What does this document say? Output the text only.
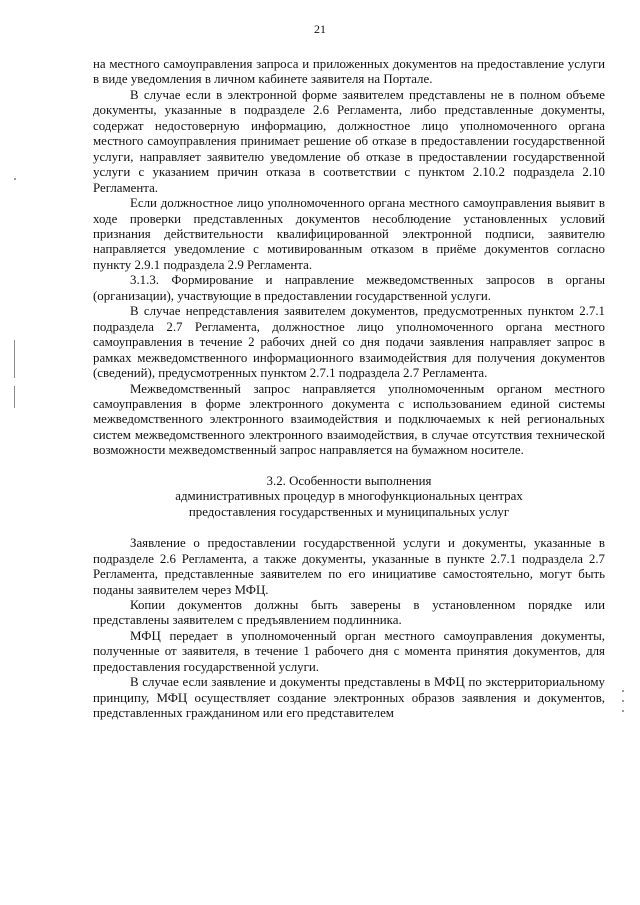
21

на местного самоуправления запроса и приложенных документов на предоставление услуги в виде уведомления в личном кабинете заявителя на Портале.

В случае если в электронной форме заявителем представлены не в полном объеме документы, указанные в подразделе 2.6 Регламента, либо представленные документы, содержат недостоверную информацию, должностное лицо уполномоченного органа местного самоуправления принимает решение об отказе в предоставлении государственной услуги, направляет заявителю уведомление об отказе в предоставлении государственной услуги с указанием причин отказа в соответствии с пунктом 2.10.2 подраздела 2.10 Регламента.

Если должностное лицо уполномоченного органа местного самоуправления выявит в ходе проверки представленных документов несоблюдение установленных условий признания действительности квалифицированной электронной подписи, заявителю направляется уведомление с мотивированным отказом в приёме документов согласно пункту 2.9.1 подраздела 2.9 Регламента.

3.1.3. Формирование и направление межведомственных запросов в органы (организации), участвующие в предоставлении государственной услуги.

В случае непредставления заявителем документов, предусмотренных пунктом 2.7.1 подраздела 2.7 Регламента, должностное лицо уполномоченного органа местного самоуправления в течение 2 рабочих дней со дня подачи заявления направляет запрос в рамках межведомственного информационного взаимодействия для получения документов (сведений), предусмотренных пунктом 2.7.1 подраздела 2.7 Регламента.

Межведомственный запрос направляется уполномоченным органом местного самоуправления в форме электронного документа с использованием единой системы межведомственного электронного взаимодействия и подключаемых к ней региональных систем межведомственного электронного взаимодействия, в случае отсутствия технической возможности межведомственный запрос направляется на бумажном носителе.

3.2. Особенности выполнения
административных процедур в многофункциональных центрах
предоставления государственных и муниципальных услуг

Заявление о предоставлении государственной услуги и документы, указанные в подразделе 2.6 Регламента, а также документы, указанные в пункте 2.7.1 подраздела 2.7 Регламента, представленные заявителем по его инициативе самостоятельно, могут быть поданы заявителем через МФЦ.

Копии документов должны быть заверены в установленном порядке или представлены заявителем с предъявлением подлинника.

МФЦ передает в уполномоченный орган местного самоуправления документы, полученные от заявителя, в течение 1 рабочего дня с момента принятия документов, для предоставления государственной услуги.

В случае если заявление и документы представлены в МФЦ по экстерриториальному принципу, МФЦ осуществляет создание электронных образов заявления и документов, представленных гражданином или его представителем
